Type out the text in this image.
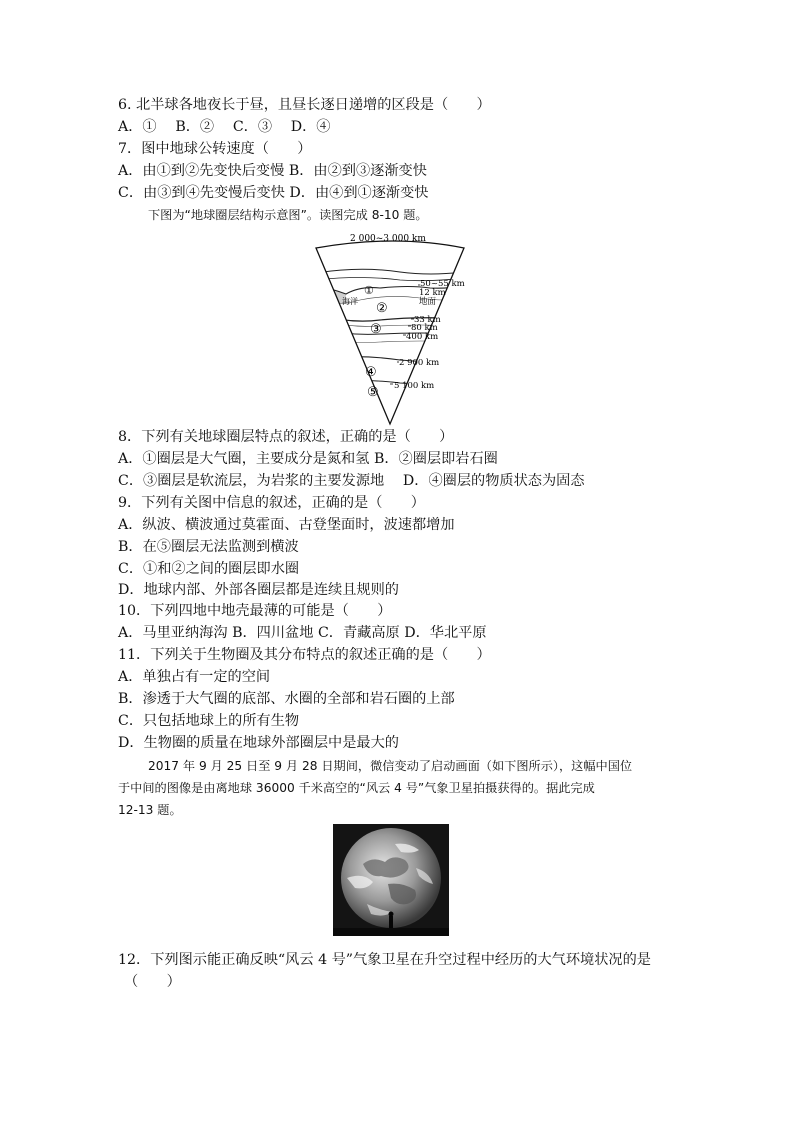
6. 北半球各地夜长于昼，且昼长逐日递增的区段是（　　）
A．①　 B．②　 C．③　 D．④
7．图中地球公转速度（　　）
A．由①到②先变快后变慢 B．由②到③逐渐变快
C．由③到④先变慢后变快 D．由④到①逐渐变快
下图为“地球圈层结构示意图”。读图完成 8-10 题。
2 000~3 000 km
①
海洋 ②
③
④
⑤
50~55 km
12 km
地面
33 km
80 km
400 km
2 900 km
5 100 km
8．下列有关地球圈层特点的叙述，正确的是（　　）
A．①圈层是大气圈，主要成分是氮和氢 B．②圈层即岩石圈
C．③圈层是软流层，为岩浆的主要发源地　 D．④圈层的物质状态为固态
9．下列有关图中信息的叙述，正确的是（　　）
A．纵波、横波通过莫霍面、古登堡面时，波速都增加
B．在⑤圈层无法监测到横波
C．①和②之间的圈层即水圈
D．地球内部、外部各圈层都是连续且规则的
10．下列四地中地壳最薄的可能是（　　）
A．马里亚纳海沟 B．四川盆地 C．青藏高原 D．华北平原
11．下列关于生物圈及其分布特点的叙述正确的是（　　）
A．单独占有一定的空间
B．渗透于大气圈的底部、水圈的全部和岩石圈的上部
C．只包括地球上的所有生物
D．生物圈的质量在地球外部圈层中是最大的
2017 年 9 月 25 日至 9 月 28 日期间，微信变动了启动画面（如下图所示），这幅中国位
于中间的图像是由离地球 36000 千米高空的“风云 4 号”气象卫星拍摄获得的。据此完成
12-13 题。
12．下列图示能正确反映“风云 4 号”气象卫星在升空过程中经历的大气环境状况的是
（　　）
